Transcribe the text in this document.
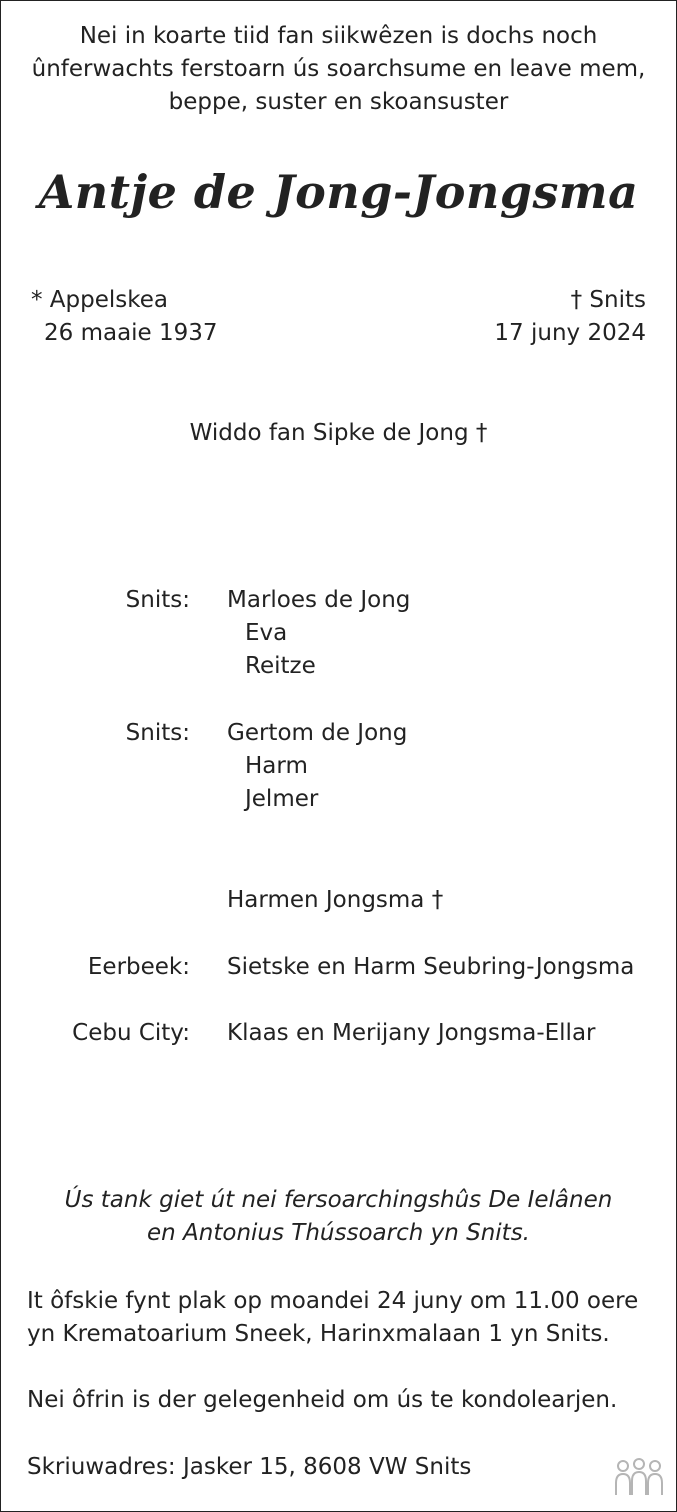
Nei in koarte tiid fan siikwêzen is dochs noch
ûnferwachts ferstoarn ús soarchsume en leave mem,
beppe, suster en skoansuster
Antje de Jong-Jongsma
* Appelskea
26 maaie 1937
† Snits
17 juny 2024
Widdo fan Sipke de Jong †
Snits: Marloes de Jong
Eva
Reitze
Snits: Gertom de Jong
Harm
Jelmer
Harmen Jongsma †
Eerbeek: Sietske en Harm Seubring-Jongsma
Cebu City: Klaas en Merijany Jongsma-Ellar
Ús tank giet út nei fersoarchingshûs De Ielânen
en Antonius Thússoarch yn Snits.
It ôfskie fynt plak op moandei 24 juny om 11.00 oere
yn Krematoarium Sneek, Harinxmalaan 1 yn Snits.
Nei ôfrin is der gelegenheid om ús te kondolearjen.
Skriuwadres: Jasker 15, 8608 VW Snits
